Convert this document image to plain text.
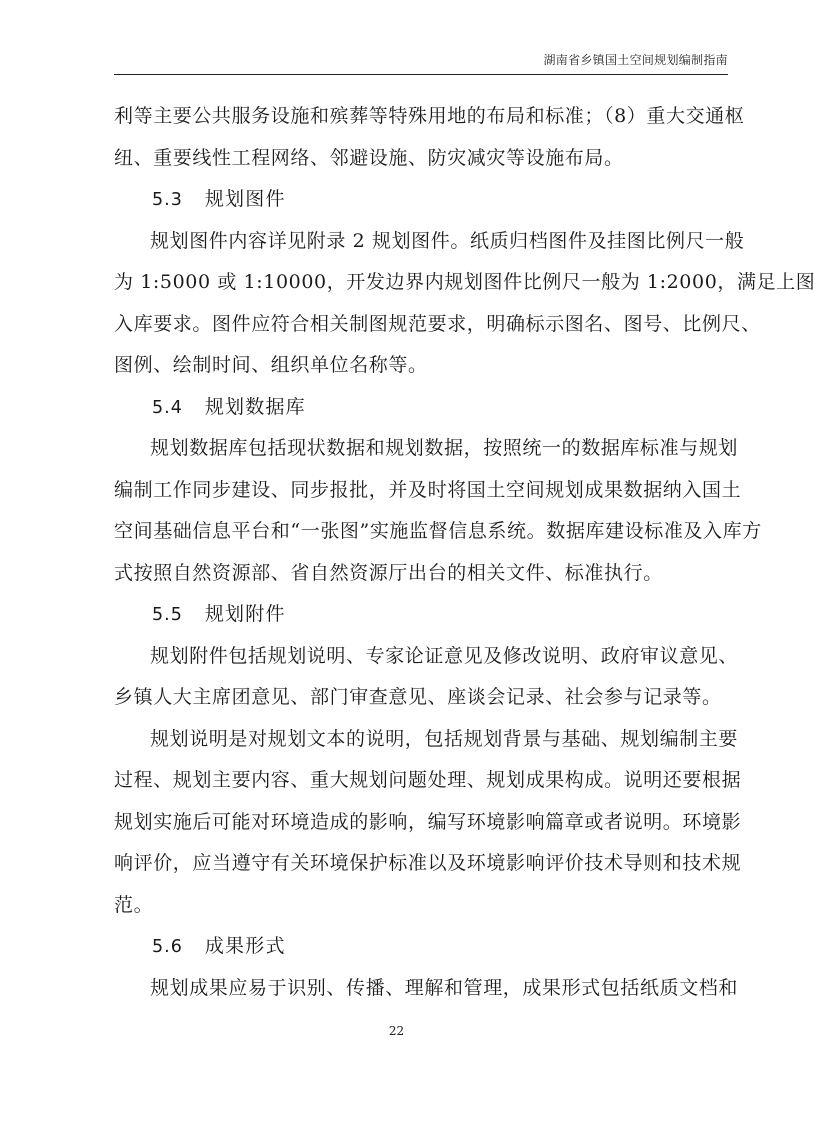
湖南省乡镇国土空间规划编制指南
利等主要公共服务设施和殡葬等特殊用地的布局和标准；（8）重大交通枢
纽、重要线性工程网络、邻避设施、防灾减灾等设施布局。
5.3 规划图件
规划图件内容详见附录 2 规划图件。纸质归档图件及挂图比例尺一般
为 1:5000 或 1:10000，开发边界内规划图件比例尺一般为 1:2000，满足上图
入库要求。图件应符合相关制图规范要求，明确标示图名、图号、比例尺、
图例、绘制时间、组织单位名称等。
5.4 规划数据库
规划数据库包括现状数据和规划数据，按照统一的数据库标准与规划
编制工作同步建设、同步报批，并及时将国土空间规划成果数据纳入国土
空间基础信息平台和“一张图”实施监督信息系统。数据库建设标准及入库方
式按照自然资源部、省自然资源厅出台的相关文件、标准执行。
5.5 规划附件
规划附件包括规划说明、专家论证意见及修改说明、政府审议意见、
乡镇人大主席团意见、部门审查意见、座谈会记录、社会参与记录等。
规划说明是对规划文本的说明，包括规划背景与基础、规划编制主要
过程、规划主要内容、重大规划问题处理、规划成果构成。说明还要根据
规划实施后可能对环境造成的影响，编写环境影响篇章或者说明。环境影
响评价，应当遵守有关环境保护标准以及环境影响评价技术导则和技术规
范。
5.6 成果形式
规划成果应易于识别、传播、理解和管理，成果形式包括纸质文档和
22
